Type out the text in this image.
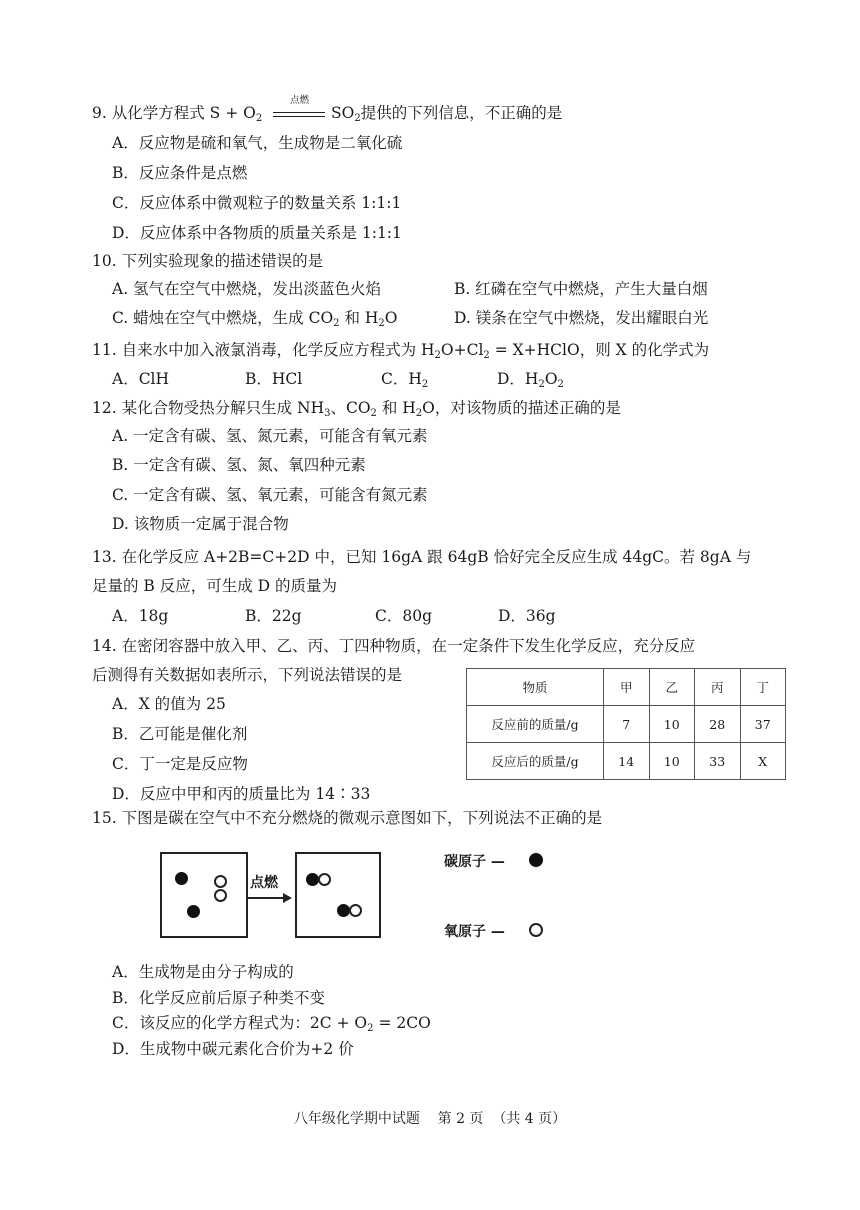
9. 从化学方程式 $S + O_2$
点燃
$SO_2$提供的下列信息，不正确的是
A．反应物是硫和氧气，生成物是二氧化硫
B．反应条件是点燃
C．反应体系中微观粒子的数量关系 1:1:1
D．反应体系中各物质的质量关系是 1:1:1
10. 下列实验现象的描述错误的是
A. 氢气在空气中燃烧，发出淡蓝色火焰	B. 红磷在空气中燃烧，产生大量白烟
C. 蜡烛在空气中燃烧，生成 $CO_2$ 和 $H_2O$	D. 镁条在空气中燃烧，发出耀眼白光
11. 自来水中加入液氯消毒，化学反应方程式为 $H_2O+Cl_2$ = X+HClO，则 X 的化学式为
A．ClH	B．HCl	C．$H_2$	D．$H_2O_2$
12. 某化合物受热分解只生成 $NH_3$、$CO_2$ 和 $H_2O$，对该物质的描述正确的是
A. 一定含有碳、氢、氮元素，可能含有氧元素
B. 一定含有碳、氢、氮、氧四种元素
C. 一定含有碳、氢、氧元素，可能含有氮元素
D. 该物质一定属于混合物
13. 在化学反应 A+2B=C+2D 中，已知 16gA 跟 64gB 恰好完全反应生成 44gC。若 8gA 与
足量的 B 反应，可生成 D 的质量为
A．18g	B．22g	C．80g	D．36g
14. 在密闭容器中放入甲、乙、丙、丁四种物质，在一定条件下发生化学反应，充分反应
后测得有关数据如表所示，下列说法错误的是
A．X 的值为 25
B．乙可能是催化剂
C．丁一定是反应物
D．反应中甲和丙的质量比为 14∶33
物质	甲	乙	丙	丁
反应前的质量/g	7	10	28	37
反应后的质量/g	14	10	33	X
15. 下图是碳在空气中不充分燃烧的微观示意图如下，下列说法不正确的是
点燃
碳原子 —
氧原子 —
A．生成物是由分子构成的
B．化学反应前后原子种类不变
C．该反应的化学方程式为：$2C + O_2 = 2CO$
D．生成物中碳元素化合价为+2 价
八年级化学期中试题    第 2 页  （共 4 页）
